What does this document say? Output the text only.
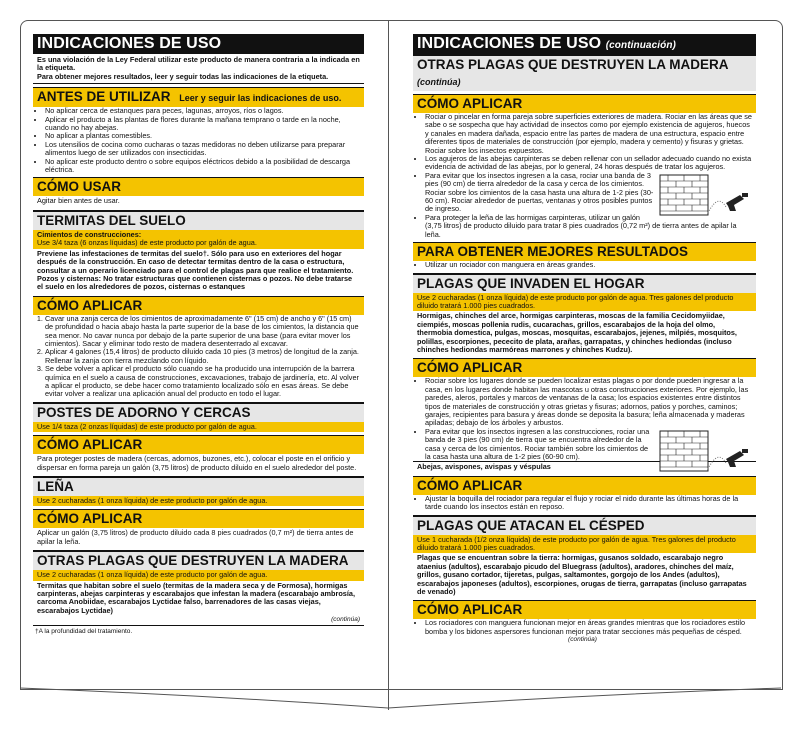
INDICACIONES DE USO
Es una violación de la Ley Federal utilizar este producto de manera contraria a la indicada en la etiqueta.
Para obtener mejores resultados, leer y seguir todas las indicaciones de la etiqueta.
ANTES DE UTILIZAR Leer y seguir las indicaciones de uso.
• No aplicar cerca de estanques para peces, lagunas, arroyos, ríos o lagos.
• Aplicar el producto a las plantas de flores durante la mañana temprano o tarde en la noche, cuando no hay abejas.
• No aplicar a plantas comestibles.
• Los utensilios de cocina como cucharas o tazas medidoras no deben utilizarse para preparar alimentos luego de ser utilizados con insecticidas.
• No aplicar este producto dentro o sobre equipos eléctricos debido a la posibilidad de descarga eléctrica.
CÓMO USAR
Agitar bien antes de usar.
TERMITAS DEL SUELO
Cimientos de construcciones:
Use 3/4 taza (6 onzas líquidas) de este producto por galón de agua.
Previene las infestaciones de termitas del suelo†. Sólo para uso en exteriores del hogar después de la construcción. En caso de detectar termitas dentro de la casa o estructura, consultar a un operario licenciado para el control de plagas para que realice el tratamiento. Pozos y cisternas: No tratar estructuras que contienen cisternas o pozos. No debe tratarse el suelo en los alrededores de pozos, cisternas o estanques
CÓMO APLICAR
1. Cavar una zanja cerca de los cimientos de aproximadamente 6" (15 cm) de ancho y 6" (15 cm) de profundidad o hacia abajo hasta la parte superior de la base de los cimientos, la distancia que sea menor. No cavar nunca por debajo de la parte superior de una base (para evitar mover los cimientos). Sacar y eliminar todo resto de madera desenterrado al excavar.
2. Aplicar 4 galones (15,4 litros) de producto diluido cada 10 pies (3 metros) de longitud de la zanja. Rellenar la zanja con tierra mezclando con líquido.
3. Se debe volver a aplicar el producto sólo cuando se ha producido una interrupción de la barrera química en el suelo a causa de construcciones, excavaciones, trabajo de jardinería, etc. Al volver a aplicar el producto, se debe hacer como tratamiento localizado sólo en esas áreas. Se debe evitar volver a realizar una aplicación anual del producto en todo el lugar.
POSTES DE ADORNO Y CERCAS
Use 1/4 taza (2 onzas líquidas) de este producto por galón de agua.
CÓMO APLICAR
Para proteger postes de madera (cercas, adornos, buzones, etc.), colocar el poste en el orificio y dispersar en forma pareja un galón (3,75 litros) de producto diluido en el suelo alrededor del poste.
LEÑA
Use 2 cucharadas (1 onza líquida) de este producto por galón de agua.
CÓMO APLICAR
Aplicar un galón (3,75 litros) de producto diluido cada 8 pies cuadrados (0,7 m²) de tierra antes de apilar la leña.
OTRAS PLAGAS QUE DESTRUYEN LA MADERA
Use 2 cucharadas (1 onza líquida) de este producto por galón de agua.
Termitas que habitan sobre el suelo (termitas de la madera seca y de Formosa), hormigas carpinteras, abejas carpinteras y escarabajos que infestan la madera (escarabajo ambrosía, carcoma Anobiidae, escarabajos Lyctidae falso, barrenadores de las casas viejas, escarabajos Lyctidae)
(continúa)
†A la profundidad del tratamiento.
INDICACIONES DE USO (continuación)
OTRAS PLAGAS QUE DESTRUYEN LA MADERA (continúa)
CÓMO APLICAR
• Rociar o pincelar en forma pareja sobre superficies exteriores de madera. Rociar en las áreas que se sabe o se sospecha que hay actividad de insectos como por ejemplo existencia de agujeros, huecos y canales en madera dañada, espacio entre las partes de madera de una estructura, espacio entre diferentes tipos de materiales de construcción (por ejemplo, madera y cemento) y fisuras y grietas. Rociar sobre los insectos expuestos.
• Los agujeros de las abejas carpinteras se deben rellenar con un sellador adecuado cuando no exista evidencia de actividad de las abejas, por lo general, 24 horas después de tratar los agujeros.
• Para evitar que los insectos ingresen a la casa, rociar una banda de 3 pies (90 cm) de tierra alrededor de la casa y cerca de los cimientos. Rociar sobre los cimientos de la casa hasta una altura de 1-2 pies (30-60 cm). Rociar alrededor de puertas, ventanas y otros posibles puntos de ingreso.
• Para proteger la leña de las hormigas carpinteras, utilizar un galón (3,75 litros) de producto diluido para tratar 8 pies cuadrados (0,72 m²) de tierra antes de apilar la leña.
PARA OBTENER MEJORES RESULTADOS
• Utilizar un rociador con manguera en áreas grandes.
PLAGAS QUE INVADEN EL HOGAR
Use 2 cucharadas (1 onza líquida) de este producto por galón de agua. Tres galones del producto diluido tratará 1.000 pies cuadrados.
Hormigas, chinches del arce, hormigas carpinteras, moscas de la familia Cecidomyiidae, ciempiés, moscas pollenia rudis, cucarachas, grillos, escarabajos de la hoja del olmo, thermobia domestica, pulgas, moscas, mosquitas, escarabajos, jejenes, milpiés, mosquitos, polillas, escorpiones, pececito de plata, arañas, garrapatas, y chinches hediondas (incluso chinches hediondas marmóreas marrones y chinches Kudzu).
CÓMO APLICAR
• Rociar sobre los lugares donde se pueden localizar estas plagas o por donde pueden ingresar a la casa, en los lugares donde habitan las mascotas u otras construcciones exteriores. Por ejemplo, las paredes, aleros, portales y marcos de ventanas de la casa; los espacios existentes entre distintos tipos de materiales de construcción y otras grietas y fisuras; adornos, patios y porches, caminos; garajes, recipientes para basura y áreas donde se deposita la basura; leña almacenada y maderas apiladas; debajo de los árboles y arbustos.
• Para evitar que los insectos ingresen a las construcciones, rociar una banda de 3 pies (90 cm) de tierra que se encuentra alrededor de la casa y cerca de los cimientos. Rociar también sobre los cimientos de la casa hasta una altura de 1-2 pies (60-90 cm).
Abejas, avispones, avispas y véspulas
CÓMO APLICAR
• Ajustar la boquilla del rociador para regular el flujo y rociar el nido durante las últimas horas de la tarde cuando los insectos están en reposo.
PLAGAS QUE ATACAN EL CÉSPED
Use 1 cucharada (1/2 onza líquida) de este producto por galón de agua. Tres galones del producto diluido tratará 1.000 pies cuadrados.
Plagas que se encuentran sobre la tierra: hormigas, gusanos soldado, escarabajo negro ataenius (adultos), escarabajo picudo del Bluegrass (adultos), aradores, chinches del maíz, grillos, gusano cortador, tijeretas, pulgas, saltamontes, gorgojo de los Andes (adultos), escarabajos japoneses (adultos), escorpiones, orugas de tierra, garrapatas (incluso garrapatas de venado)
CÓMO APLICAR
• Los rociadores con manguera funcionan mejor en áreas grandes mientras que los rociadores estilo bomba y los bidones aspersores funcionan mejor para tratar secciones más pequeñas de césped.
(continúa)
